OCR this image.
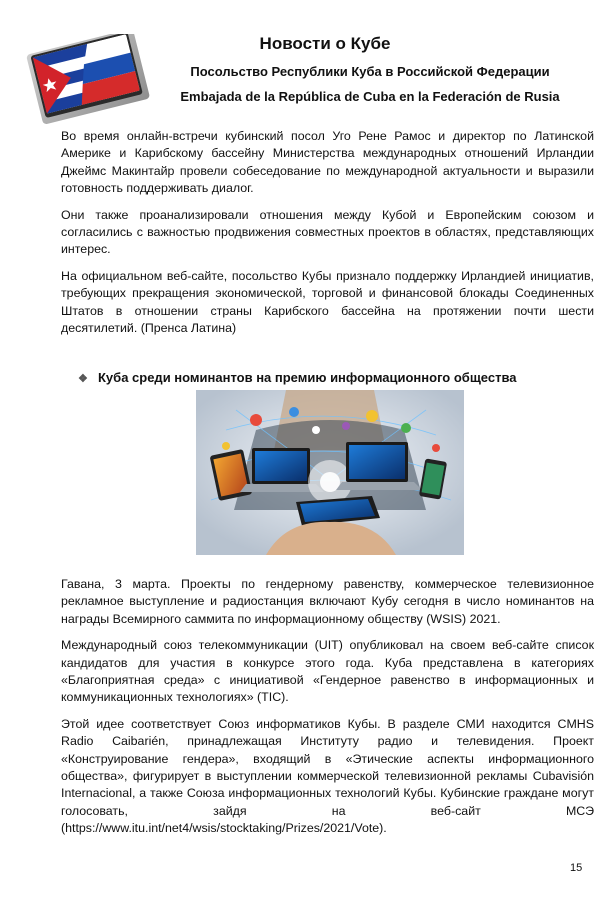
Новости о Кубе
Посольство Республики Куба в Российской Федерации
Embajada de la República de Cuba en la Federación de Rusia

Во время онлайн-встречи кубинский посол Уго Рене Рамос и директор по Латинской Америке и Карибскому бассейну Министерства международных отношений Ирландии Джеймс Макинтайр провели собеседование по международной актуальности и выразили готовность поддерживать диалог.

Они также проанализировали отношения между Кубой и Европейским союзом и согласились с важностью продвижения совместных проектов в областях, представляющих интерес.

На официальном веб-сайте, посольство Кубы признало поддержку Ирландией инициатив, требующих прекращения экономической, торговой и финансовой блокады Соединенных Штатов в отношении страны Карибского бассейна на протяжении почти шести десятилетий. (Пренса Латина)

❖ Куба среди номинантов на премию информационного общества

Гавана, 3 марта. Проекты по гендерному равенству, коммерческое телевизионное рекламное выступление и радиостанция включают Кубу сегодня в число номинантов на награды Всемирного саммита по информационному обществу (WSIS) 2021.

Международный союз телекоммуникации (UIT) опубликовал на своем веб-сайте список кандидатов для участия в конкурсе этого года. Куба представлена в категориях «Благоприятная среда» с инициативой «Гендерное равенство в информационных и коммуникационных технологиях» (TIC).

Этой идее соответствует Союз информатиков Кубы. В разделе СМИ находится CMHS Radio Caibarién, принадлежащая Институту радио и телевидения. Проект «Конструирование гендера», входящий в «Этические аспекты информационного общества», фигурирует в выступлении коммерческой телевизионной рекламы Cubavisión Internacional, а также Союза информационных технологий Кубы. Кубинские граждане могут голосовать, зайдя на веб-сайт МСЭ (https://www.itu.int/net4/wsis/stocktaking/Prizes/2021/Vote).

15
